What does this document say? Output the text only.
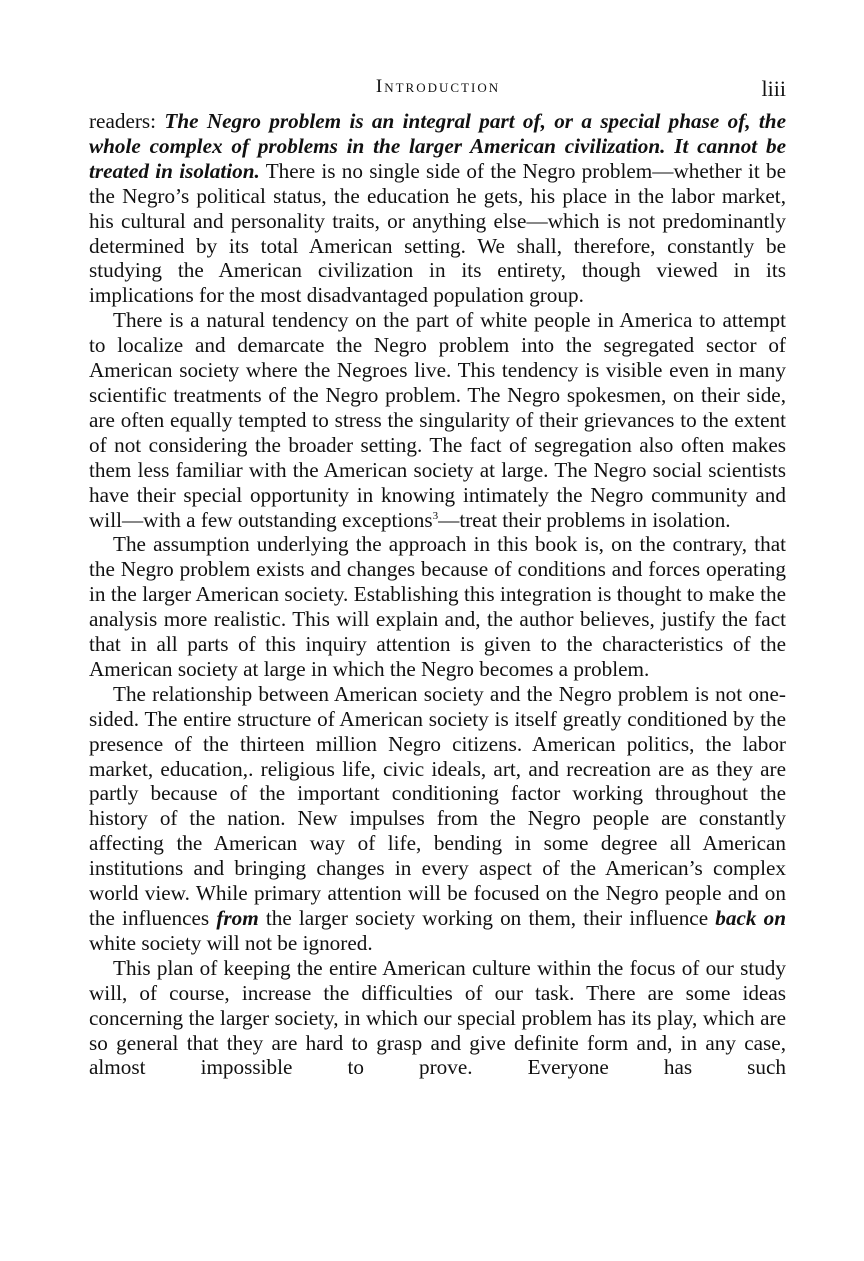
Introduction	liii

readers: The Negro problem is an integral part of, or a special phase of, the whole complex of problems in the larger American civilization. It cannot be treated in isolation. There is no single side of the Negro problem—whether it be the Negro’s political status, the education he gets, his place in the labor market, his cultural and personality traits, or anything else—which is not predominantly determined by its total American setting. We shall, therefore, constantly be studying the American civilization in its entirety, though viewed in its implications for the most disadvantaged population group.

There is a natural tendency on the part of white people in America to attempt to localize and demarcate the Negro problem into the segregated sector of American society where the Negroes live. This tendency is visible even in many scientific treatments of the Negro problem. The Negro spokesmen, on their side, are often equally tempted to stress the singularity of their grievances to the extent of not considering the broader setting. The fact of segregation also often makes them less familiar with the American society at large. The Negro social scientists have their special opportunity in knowing intimately the Negro community and will—with a few outstanding exceptions$^3$—treat their problems in isolation.

The assumption underlying the approach in this book is, on the contrary, that the Negro problem exists and changes because of conditions and forces operating in the larger American society. Establishing this integration is thought to make the analysis more realistic. This will explain and, the author believes, justify the fact that in all parts of this inquiry attention is given to the characteristics of the American society at large in which the Negro becomes a problem.

The relationship between American society and the Negro problem is not one-sided. The entire structure of American society is itself greatly conditioned by the presence of the thirteen million Negro citizens. American politics, the labor market, education,. religious life, civic ideals, art, and recreation are as they are partly because of the important conditioning factor working throughout the history of the nation. New impulses from the Negro people are constantly affecting the American way of life, bending in some degree all American institutions and bringing changes in every aspect of the American’s complex world view. While primary attention will be focused on the Negro people and on the influences from the larger society working on them, their influence back on white society will not be ignored.

This plan of keeping the entire American culture within the focus of our study will, of course, increase the difficulties of our task. There are some ideas concerning the larger society, in which our special problem has its play, which are so general that they are hard to grasp and give definite form and, in any case, almost impossible to prove. Everyone has such
